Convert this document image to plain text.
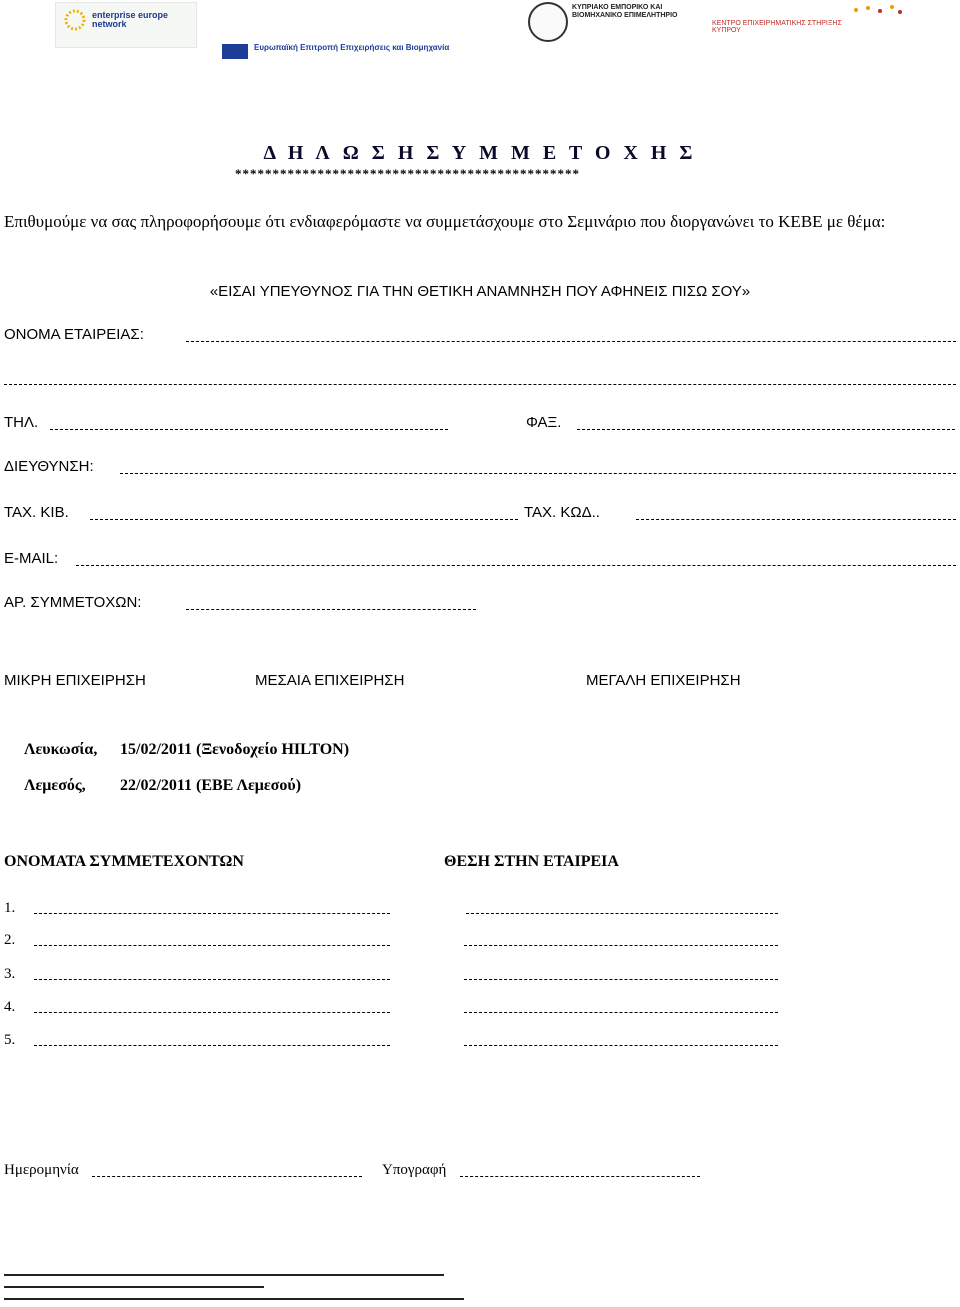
enterprise europe network
Ευρωπαϊκή Επιτροπή Επιχειρήσεις και Βιομηχανία
ΚΥΠΡΙΑΚΟ ΕΜΠΟΡΙΚΟ ΚΑΙ ΒΙΟΜΗΧΑΝΙΚΟ ΕΠΙΜΕΛΗΤΗΡΙΟ
ΚΕΝΤΡΟ ΕΠΙΧΕΙΡΗΜΑΤΙΚΗΣ ΣΤΗΡΙΞΗΣ ΚΥΠΡΟΥ
Δ Η Λ Ω Σ Η Σ Υ Μ Μ Ε Τ Ο Χ Η Σ
**********************************************
Επιθυμούμε να σας πληροφορήσουμε ότι ενδιαφερόμαστε να συμμετάσχουμε στο Σεμινάριο που διοργανώνει το ΚΕΒΕ με θέμα:
«ΕΙΣΑΙ ΥΠΕΥΘΥΝΟΣ ΓΙΑ ΤΗΝ ΘΕΤΙΚΗ ΑΝΑΜΝΗΣΗ ΠΟΥ ΑΦΗΝΕΙΣ ΠΙΣΩ ΣΟΥ»
ΟΝΟΜΑ ΕΤΑΙΡΕΙΑΣ:
ΤΗΛ.	ΦΑΞ.
ΔΙΕΥΘΥΝΣΗ:
ΤΑΧ. ΚΙΒ.	ΤΑΧ. ΚΩΔ..
E-MAIL:
ΑΡ. ΣΥΜΜΕΤΟΧΩΝ:
ΜΙΚΡΗ ΕΠΙΧΕΙΡΗΣΗ	ΜΕΣΑΙΑ ΕΠΙΧΕΙΡΗΣΗ	ΜΕΓΑΛΗ ΕΠΙΧΕΙΡΗΣΗ
Λευκωσία, 15/02/2011 (Ξενοδοχείο HILTON)
Λεμεσός, 22/02/2011 (ΕΒΕ Λεμεσού)
ΟΝΟΜΑΤΑ ΣΥΜΜΕΤΕΧΟΝΤΩΝ	ΘΕΣΗ ΣΤΗΝ ΕΤΑΙΡΕΙΑ
1.
2.
3.
4.
5.
Ημερομηνία	Υπογραφή
